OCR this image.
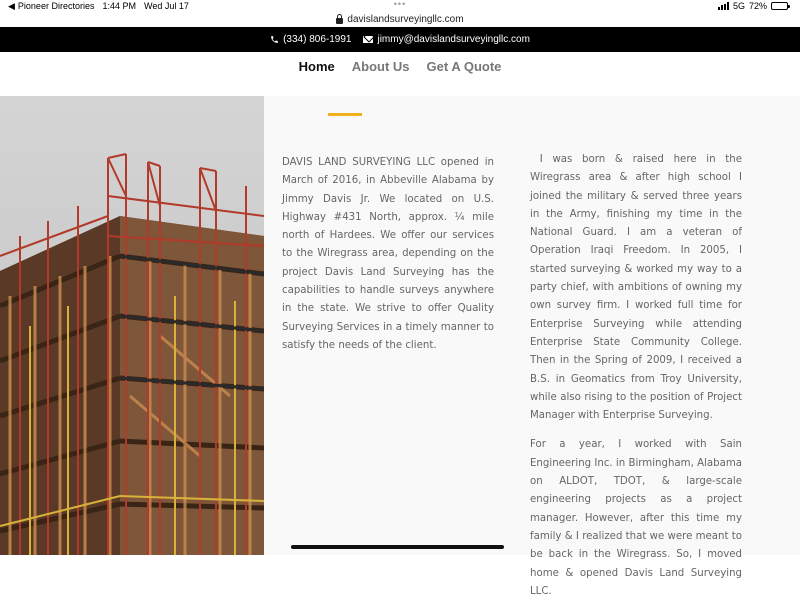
•••
◀ Pioneer Directories 1:44 PM Wed Jul 17	5G 72%
davislandsurveyingllc.com
(334) 806-1991	jimmy@davislandsurveyingllc.com
Home About Us Get A Quote

DAVIS LAND SURVEYING LLC opened in March of 2016, in Abbeville Alabama by Jimmy Davis Jr. We located on U.S. Highway #431 North, approx. ¼ mile north of Hardees. We offer our services to the Wiregrass area, depending on the project Davis Land Surveying has the capabilities to handle surveys anywhere in the state. We strive to offer Quality Surveying Services in a timely manner to satisfy the needs of the client.

I was born & raised here in the Wiregrass area & after high school I joined the military & served three years in the Army, finishing my time in the National Guard. I am a veteran of Operation Iraqi Freedom. In 2005, I started surveying & worked my way to a party chief, with ambitions of owning my own survey firm. I worked full time for Enterprise Surveying while attending Enterprise State Community College. Then in the Spring of 2009, I received a B.S. in Geomatics from Troy University, while also rising to the position of Project Manager with Enterprise Surveying.

For a year, I worked with Sain Engineering Inc. in Birmingham, Alabama on ALDOT, TDOT, & large-scale engineering projects as a project manager. However, after this time my family & I realized that we were meant to be back in the Wiregrass. So, I moved home & opened Davis Land Surveying LLC.
